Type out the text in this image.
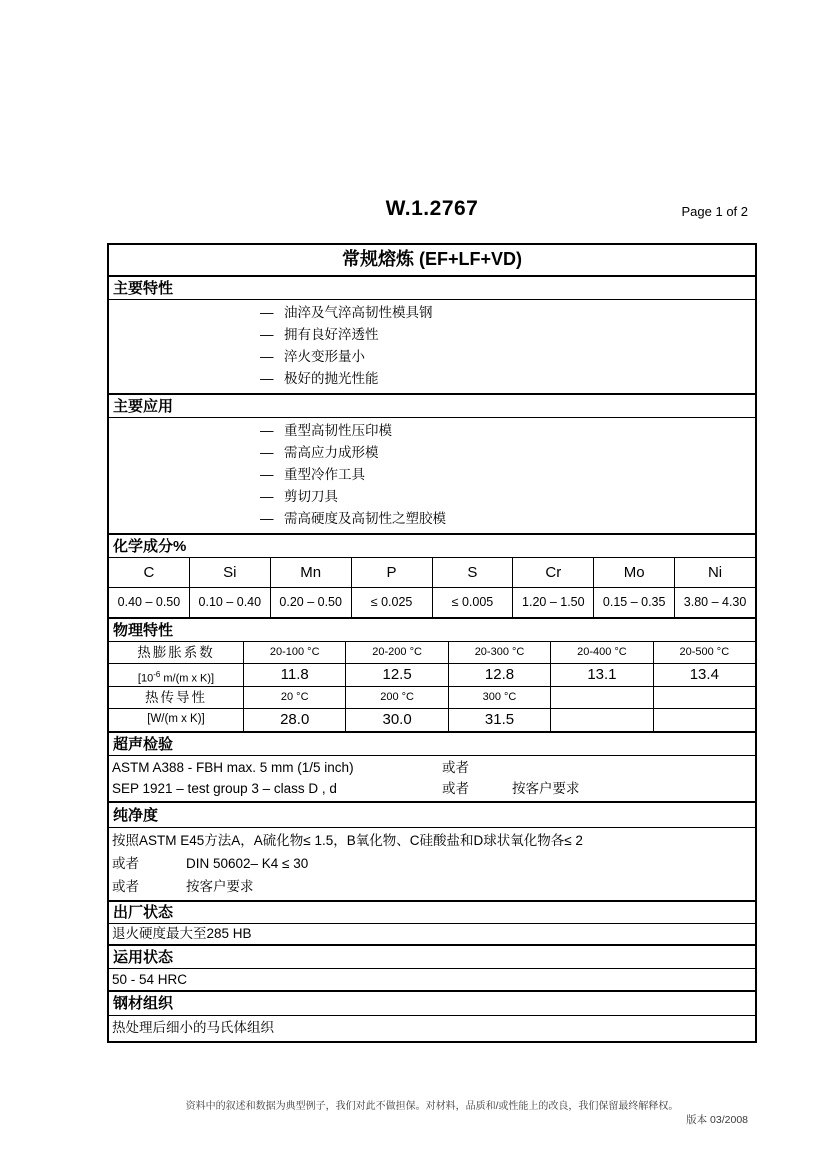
W.1.2767	Page 1 of 2
常规熔炼 (EF+LF+VD)
主要特性
— 油淬及气淬高韧性模具钢
— 拥有良好淬透性
— 淬火变形量小
— 极好的抛光性能
主要应用
— 重型高韧性压印模
— 需高应力成形模
— 重型冷作工具
— 剪切刀具
— 需高硬度及高韧性之塑胶模
化学成分%
C	Si	Mn	P	S	Cr	Mo	Ni
0.40 – 0.50	0.10 – 0.40	0.20 – 0.50	≤ 0.025	≤ 0.005	1.20 – 1.50	0.15 – 0.35	3.80 – 4.30
物理特性
热膨胀系数	20-100 °C	20-200 °C	20-300 °C	20-400 °C	20-500 °C
[$10^{-6}$ m/(m x K)]	11.8	12.5	12.8	13.1	13.4
热传导性	20 °C	200 °C	300 °C
[W/(m x K)]	28.0	30.0	31.5
超声检验
ASTM A388 - FBH max. 5 mm (1/5 inch)	或者
SEP 1921 – test group 3 – class D , d	或者	按客户要求
纯净度
按照ASTM E45方法A，A硫化物≤ 1.5，B氧化物、C硅酸盐和D球状氧化物各≤ 2
或者	DIN 50602– K4 ≤ 30
或者	按客户要求
出厂状态
退火硬度最大至285 HB
运用状态
50 - 54 HRC
钢材组织
热处理后细小的马氏体组织
资料中的叙述和数据为典型例子，我们对此不做担保。对材料，品质和/或性能上的改良，我们保留最终解释权。
版本 03/2008
